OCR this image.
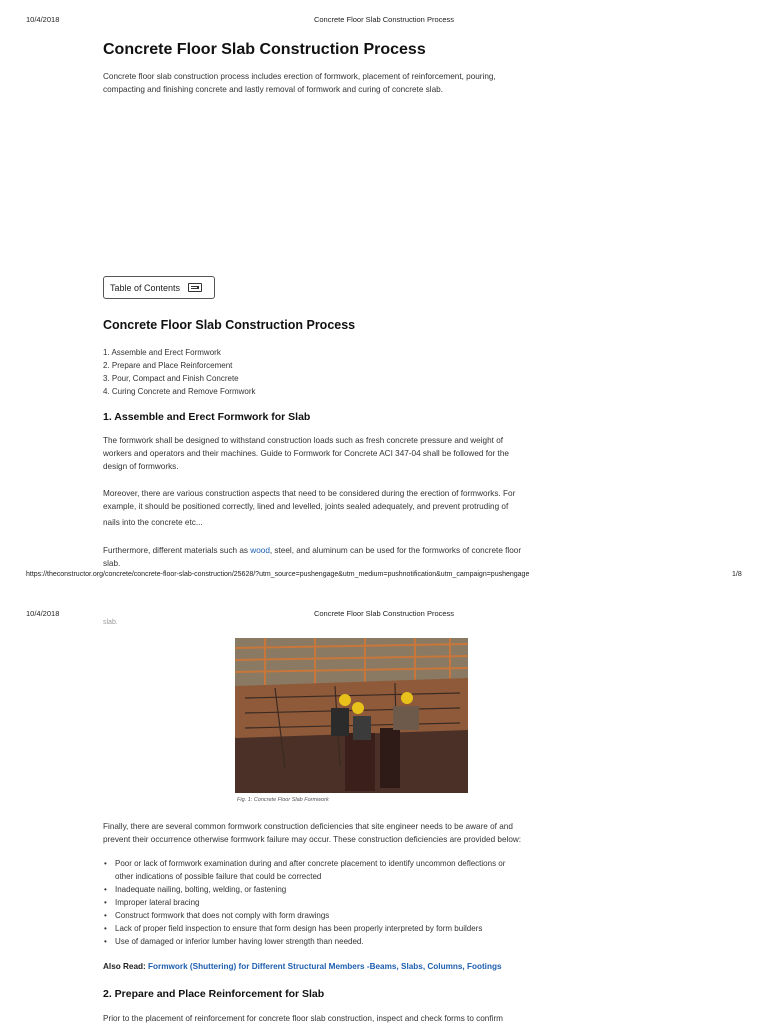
10/4/2018	Concrete Floor Slab Construction Process
Concrete Floor Slab Construction Process
Concrete floor slab construction process includes erection of formwork, placement of reinforcement, pouring,
compacting and finishing concrete and lastly removal of formwork and curing of concrete slab.
Table of Contents
Concrete Floor Slab Construction Process
1. Assemble and Erect Formwork
2. Prepare and Place Reinforcement
3. Pour, Compact and Finish Concrete
4. Curing Concrete and Remove Formwork
1. Assemble and Erect Formwork for Slab
The formwork shall be designed to withstand construction loads such as fresh concrete pressure and weight of
workers and operators and their machines. Guide to Formwork for Concrete ACI 347-04 shall be followed for the
design of formworks.
Moreover, there are various construction aspects that need to be considered during the erection of formworks. For
example, it should be positioned correctly, lined and levelled, joints sealed adequately, and prevent protruding of
nails into the concrete etc...
Furthermore, different materials such as wood, steel, and aluminum can be used for the formworks of concrete floor
slab.
https://theconstructor.org/concrete/concrete-floor-slab-construction/25628/?utm_source=pushengage&utm_medium=pushnotification&utm_campaign=pushengage	1/8
10/4/2018	Concrete Floor Slab Construction Process
slab.
Fig. 1: Concrete Floor Slab Formwork
Finally, there are several common formwork construction deficiencies that site engineer needs to be aware of and
prevent their occurrence otherwise formwork failure may occur. These construction deficiencies are provided below:
• Poor or lack of formwork examination during and after concrete placement to identify uncommon deflections or
other indications of possible failure that could be corrected
• Inadequate nailing, bolting, welding, or fastening
• Improper lateral bracing
• Construct formwork that does not comply with form drawings
• Lack of proper field inspection to ensure that form design has been properly interpreted by form builders
• Use of damaged or inferior lumber having lower strength than needed.
Also Read: Formwork (Shuttering) for Different Structural Members -Beams, Slabs, Columns, Footings
2. Prepare and Place Reinforcement for Slab
Prior to the placement of reinforcement for concrete floor slab construction, inspect and check forms to confirm
